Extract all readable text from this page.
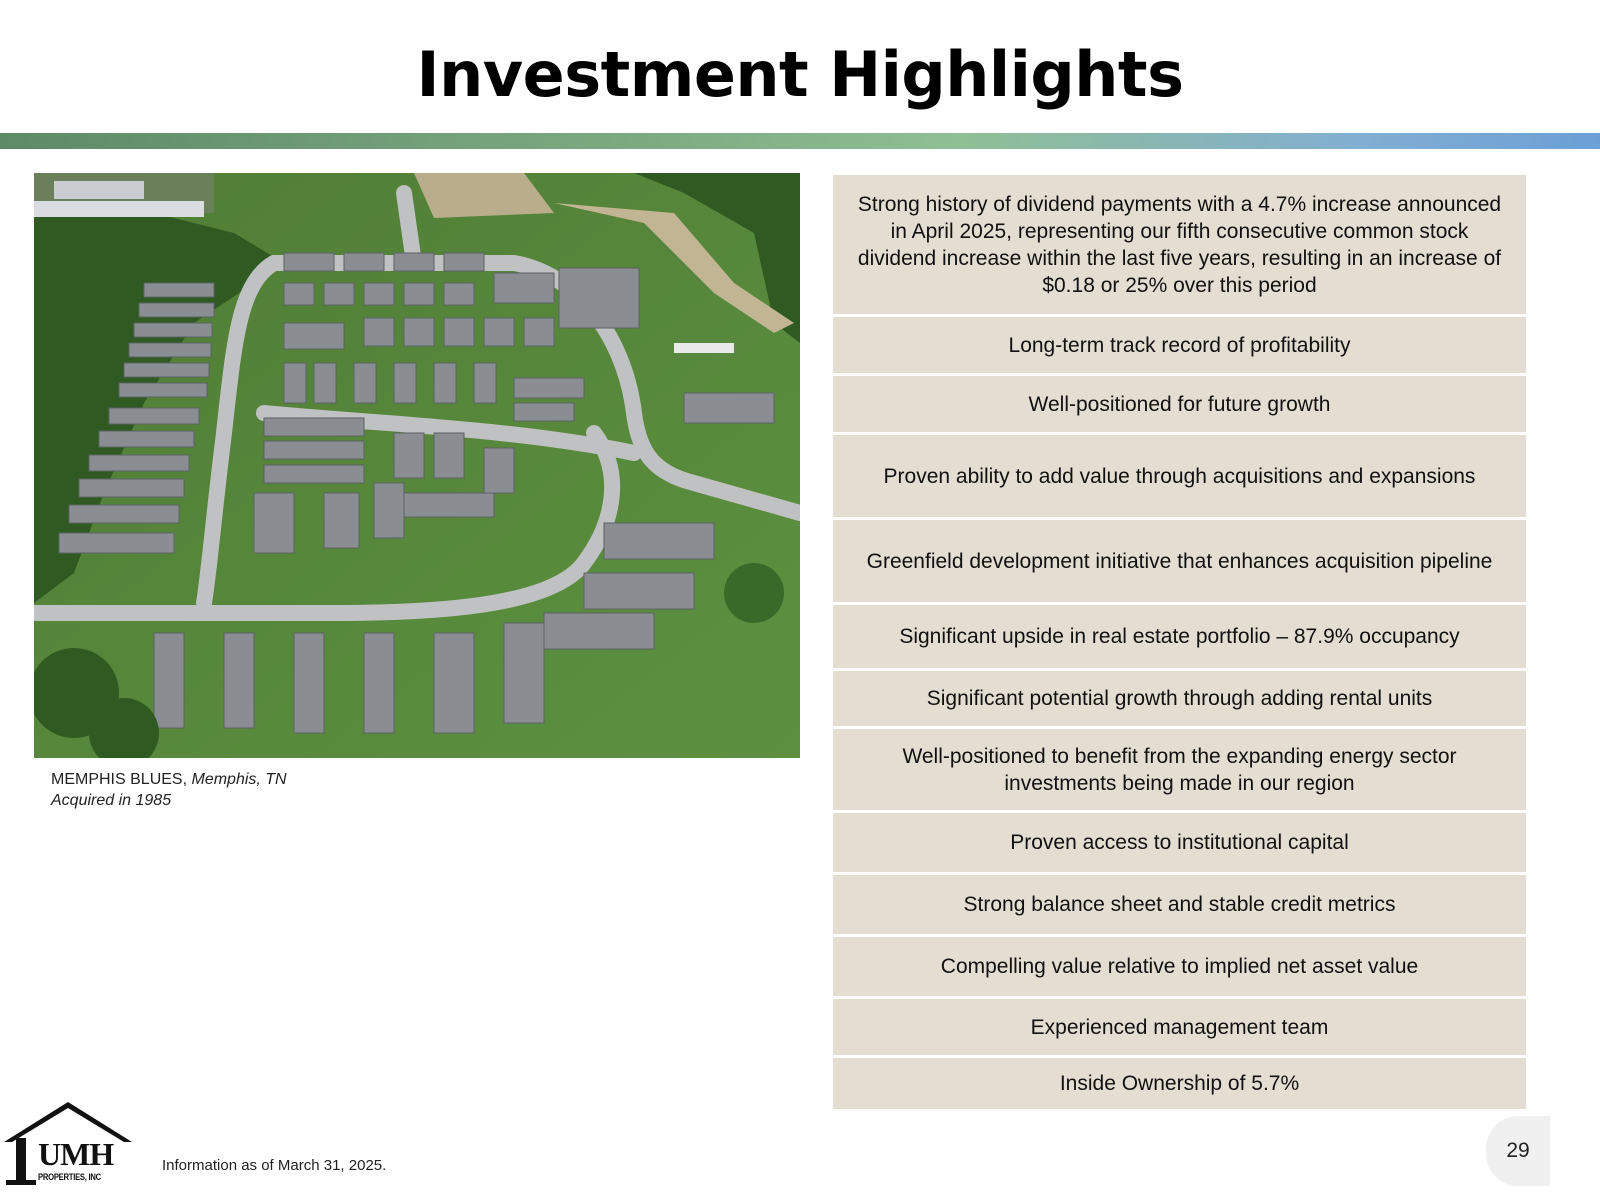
Investment Highlights
MEMPHIS BLUES, Memphis, TN
Acquired in 1985
Strong history of dividend payments with a 4.7% increase announced in April 2025, representing our fifth consecutive common stock dividend increase within the last five years, resulting in an increase of $0.18 or 25% over this period
Long-term track record of profitability
Well-positioned for future growth
Proven ability to add value through acquisitions and expansions
Greenfield development initiative that enhances acquisition pipeline
Significant upside in real estate portfolio – 87.9% occupancy
Significant potential growth through adding rental units
Well-positioned to benefit from the expanding energy sector investments being made in our region
Proven access to institutional capital
Strong balance sheet and stable credit metrics
Compelling value relative to implied net asset value
Experienced management team
Inside Ownership of 5.7%
UMH
PROPERTIES, INC
Information as of March 31, 2025.
29
